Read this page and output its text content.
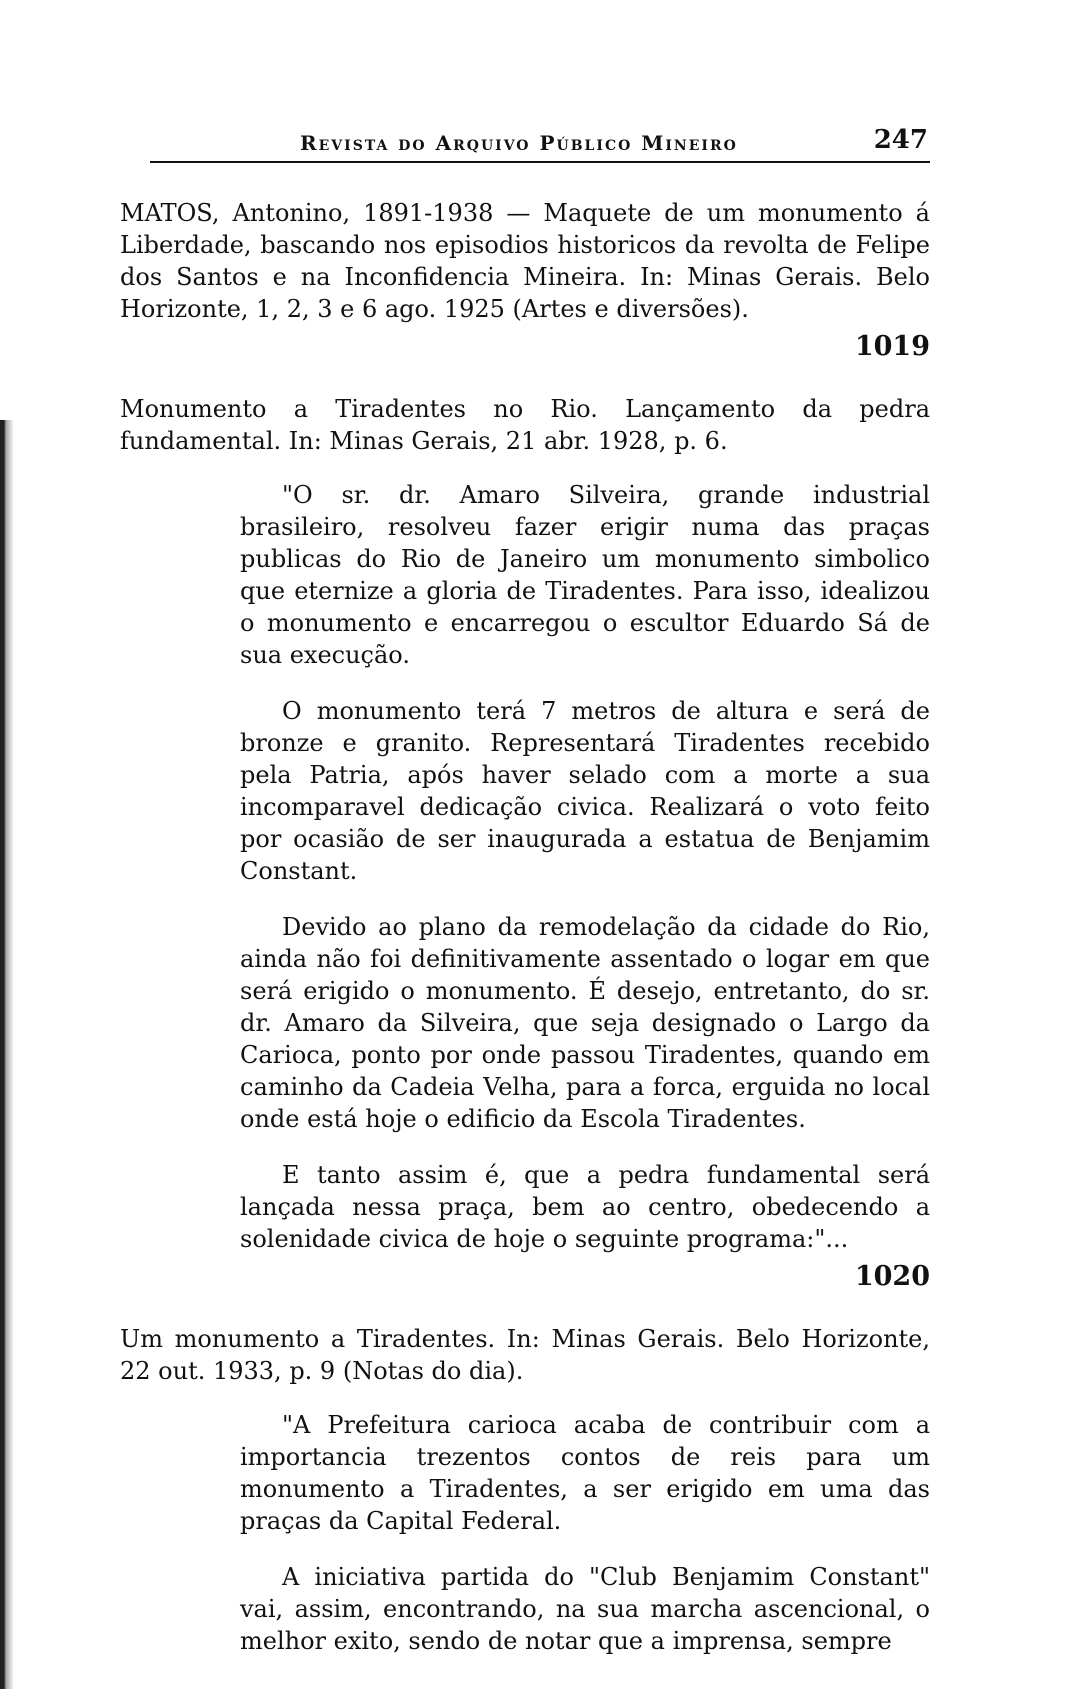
Revista do Arquivo Público Mineiro	247

MATOS, Antonino, 1891-1938 — Maquete de um monumento á Liberdade, bascando nos episodios historicos da revolta de Felipe dos Santos e na Inconfidencia Mineira. In: Minas Gerais. Belo Horizonte, 1, 2, 3 e 6 ago. 1925 (Artes e diversões).

1019

Monumento a Tiradentes no Rio. Lançamento da pedra fundamental. In: Minas Gerais, 21 abr. 1928, p. 6.

"O sr. dr. Amaro Silveira, grande industrial brasileiro, resolveu fazer erigir numa das praças publicas do Rio de Janeiro um monumento simbolico que eternize a gloria de Tiradentes. Para isso, idealizou o monumento e encarregou o escultor Eduardo Sá de sua execução.

O monumento terá 7 metros de altura e será de bronze e granito. Representará Tiradentes recebido pela Patria, após haver selado com a morte a sua incomparavel dedicação civica. Realizará o voto feito por ocasião de ser inaugurada a estatua de Benjamim Constant.

Devido ao plano da remodelação da cidade do Rio, ainda não foi definitivamente assentado o logar em que será erigido o monumento. É desejo, entretanto, do sr. dr. Amaro da Silveira, que seja designado o Largo da Carioca, ponto por onde passou Tiradentes, quando em caminho da Cadeia Velha, para a forca, erguida no local onde está hoje o edificio da Escola Tiradentes.

E tanto assim é, que a pedra fundamental será lançada nessa praça, bem ao centro, obedecendo a solenidade civica de hoje o seguinte programa:"...

1020

Um monumento a Tiradentes. In: Minas Gerais. Belo Horizonte, 22 out. 1933, p. 9 (Notas do dia).

"A Prefeitura carioca acaba de contribuir com a importancia trezentos contos de reis para um monumento a Tiradentes, a ser erigido em uma das praças da Capital Federal.

A iniciativa partida do "Club Benjamim Constant" vai, assim, encontrando, na sua marcha ascencional, o melhor exito, sendo de notar que a imprensa, sempre
